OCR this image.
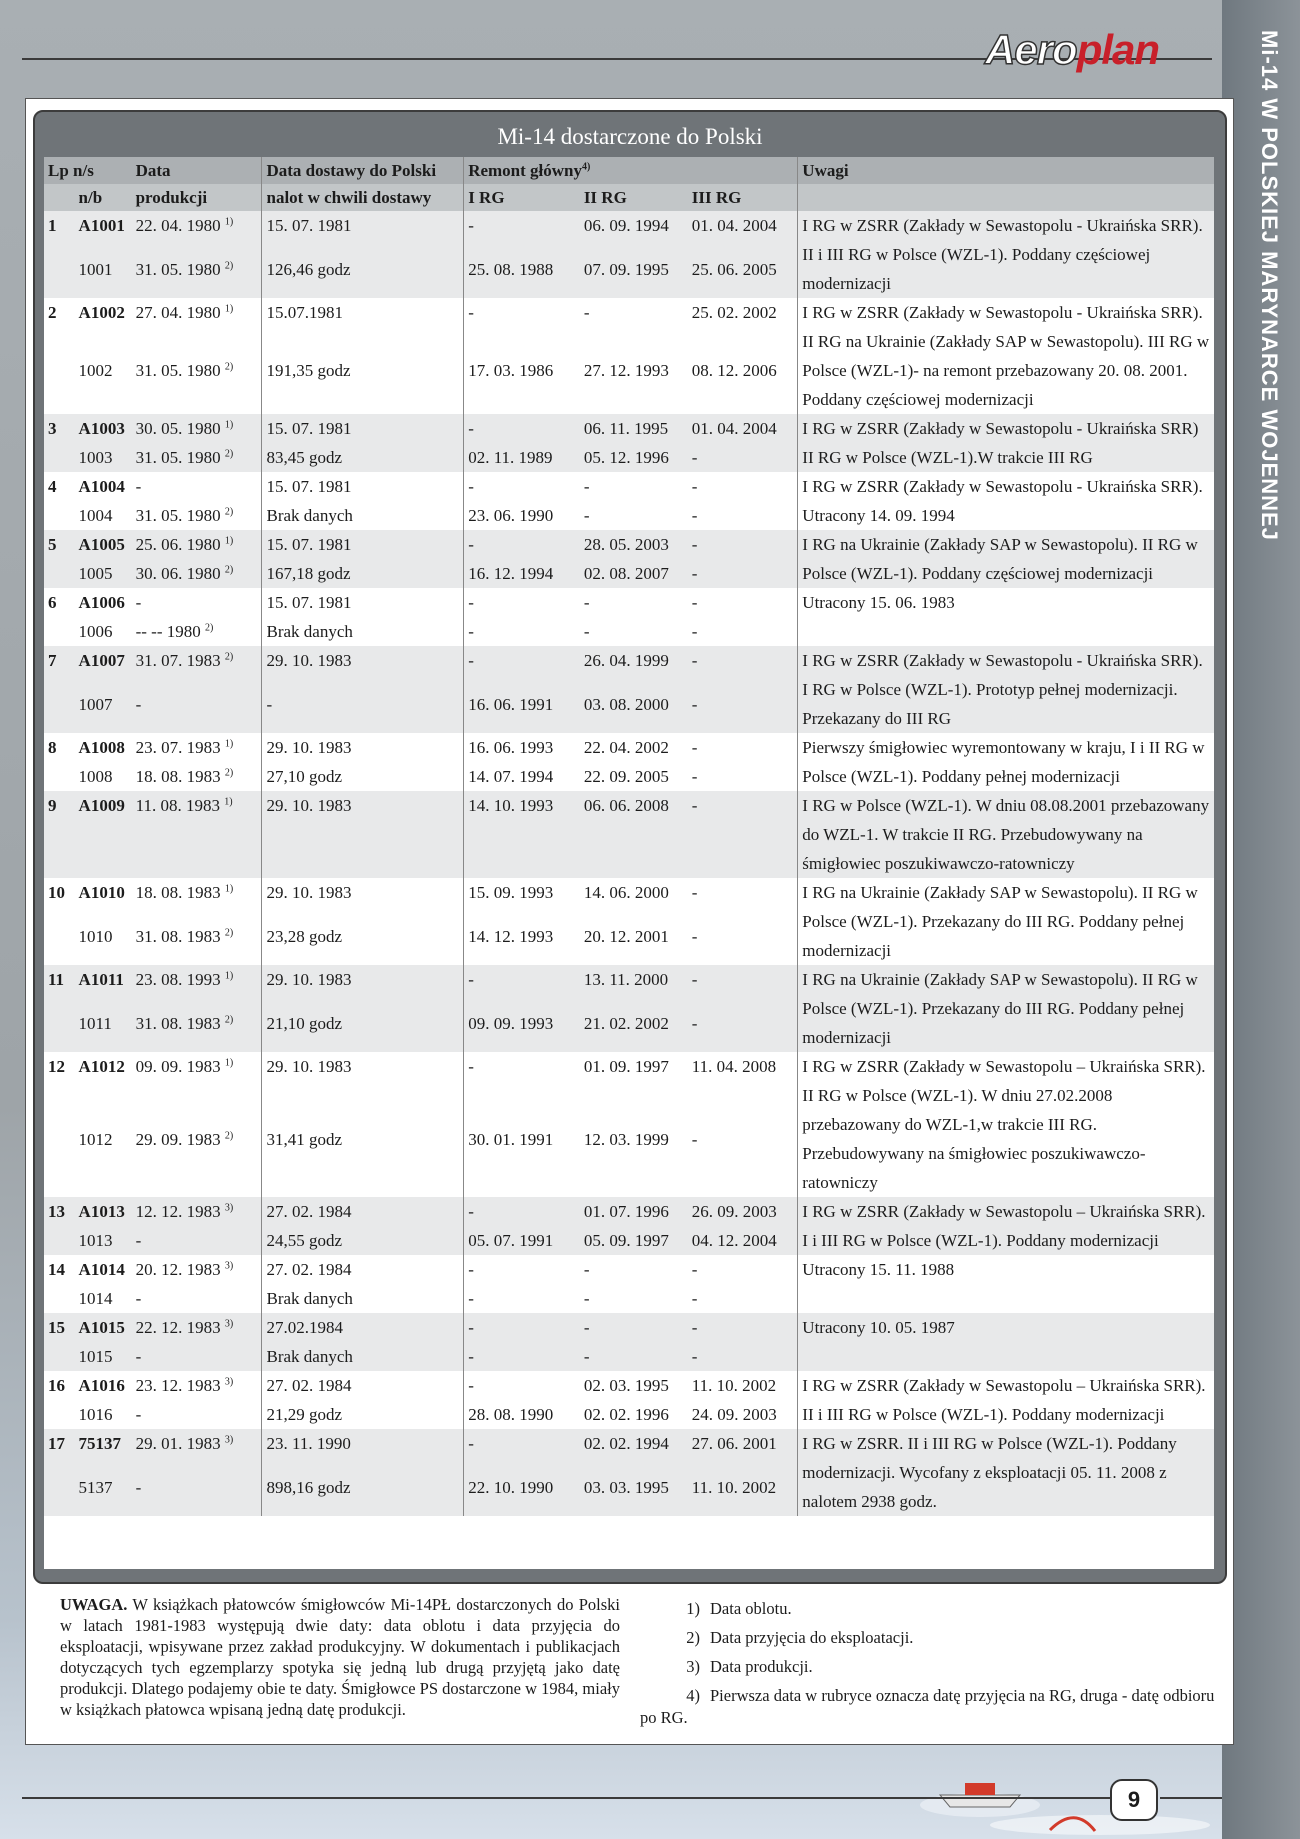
Aeroplan	Mi-14 W POLSKIEJ MARYNARCE WOJENNEJ
Mi-14 dostarczone do Polski
Lp n/s		Data	Data dostawy do Polski	Remont główny$^{4)}$			Uwagi
	n/b	produkcji	nalot w chwili dostawy	I RG	II RG	III RG	
1	A1001	22. 04. 1980 $^{1)}$	15. 07. 1981	-	06. 09. 1994	01. 04. 2004	I RG w ZSRR (Zakłady w Sewastopolu - Ukraińska SRR). II i III RG w Polsce (WZL-1). Poddany częściowej modernizacji
	1001	31. 05. 1980 $^{2)}$	126,46 godz	25. 08. 1988	07. 09. 1995	25. 06. 2005	
2	A1002	27. 04. 1980 $^{1)}$	15.07.1981	-	-	25. 02. 2002	I RG w ZSRR (Zakłady w Sewastopolu - Ukraińska SRR). II RG na Ukrainie (Zakłady SAP w Sewastopolu). III RG w Polsce (WZL-1)- na remont przebazowany 20. 08. 2001. Poddany częściowej modernizacji
	1002	31. 05. 1980 $^{2)}$	191,35 godz	17. 03. 1986	27. 12. 1993	08. 12. 2006	
3	A1003	30. 05. 1980 $^{1)}$	15. 07. 1981	-	06. 11. 1995	01. 04. 2004	I RG w ZSRR (Zakłady w Sewastopolu - Ukraińska SRR) II RG w Polsce (WZL-1).W trakcie III RG
	1003	31. 05. 1980 $^{2)}$	83,45 godz	02. 11. 1989	05. 12. 1996	-	
4	A1004	-	15. 07. 1981	-	-	-	I RG w ZSRR (Zakłady w Sewastopolu - Ukraińska SRR). Utracony 14. 09. 1994
	1004	31. 05. 1980 $^{2)}$	Brak danych	23. 06. 1990	-	-	
5	A1005	25. 06. 1980 $^{1)}$	15. 07. 1981	-	28. 05. 2003	-	I RG na Ukrainie (Zakłady SAP w Sewastopolu). II RG w Polsce (WZL-1). Poddany częściowej modernizacji
	1005	30. 06. 1980 $^{2)}$	167,18 godz	16. 12. 1994	02. 08. 2007	-	
6	A1006	-	15. 07. 1981	-	-	-	Utracony 15. 06. 1983
	1006	-- -- 1980 $^{2)}$	Brak danych	-	-	-	
7	A1007	31. 07. 1983 $^{2)}$	29. 10. 1983	-	26. 04. 1999	-	I RG w ZSRR (Zakłady w Sewastopolu - Ukraińska SRR). I RG w Polsce (WZL-1). Prototyp pełnej modernizacji. Przekazany do III RG
	1007	-	-	16. 06. 1991	03. 08. 2000	-	
8	A1008	23. 07. 1983 $^{1)}$	29. 10. 1983	16. 06. 1993	22. 04. 2002	-	Pierwszy śmigłowiec wyremontowany w kraju, I i II RG w Polsce (WZL-1). Poddany pełnej modernizacji
	1008	18. 08. 1983 $^{2)}$	27,10 godz	14. 07. 1994	22. 09. 2005	-	
9	A1009	11. 08. 1983 $^{1)}$	29. 10. 1983	14. 10. 1993	06. 06. 2008	-	I RG w Polsce (WZL-1). W dniu 08.08.2001 przebazowany do WZL-1. W trakcie II RG. Przebudowywany na śmigłowiec poszukiwawczo-ratowniczy

10	A1010	18. 08. 1983 $^{1)}$	29. 10. 1983	15. 09. 1993	14. 06. 2000	-	I RG na Ukrainie (Zakłady SAP w Sewastopolu). II RG w Polsce (WZL-1). Przekazany do III RG. Poddany pełnej modernizacji
	1010	31. 08. 1983 $^{2)}$	23,28 godz	14. 12. 1993	20. 12. 2001	-	
11	A1011	23. 08. 1993 $^{1)}$	29. 10. 1983	-	13. 11. 2000	-	I RG na Ukrainie (Zakłady SAP w Sewastopolu). II RG w Polsce (WZL-1). Przekazany do III RG. Poddany pełnej modernizacji
	1011	31. 08. 1983 $^{2)}$	21,10 godz	09. 09. 1993	21. 02. 2002	-	
12	A1012	09. 09. 1983 $^{1)}$	29. 10. 1983	-	01. 09. 1997	11. 04. 2008	I RG w ZSRR (Zakłady w Sewastopolu – Ukraińska SRR). II RG w Polsce (WZL-1). W dniu 27.02.2008 przebazowany do WZL-1,w trakcie III RG. Przebudowywany na śmigłowiec poszukiwawczo-ratowniczy
	1012	29. 09. 1983 $^{2)}$	31,41 godz	30. 01. 1991	12. 03. 1999	-	
13	A1013	12. 12. 1983 $^{3)}$	27. 02. 1984	-	01. 07. 1996	26. 09. 2003	I RG w ZSRR (Zakłady w Sewastopolu – Ukraińska SRR). I i III RG w Polsce (WZL-1). Poddany modernizacji
	1013	-	24,55 godz	05. 07. 1991	05. 09. 1997	04. 12. 2004	
14	A1014	20. 12. 1983 $^{3)}$	27. 02. 1984	-	-	-	Utracony 15. 11. 1988
	1014	-	Brak danych	-	-	-	
15	A1015	22. 12. 1983 $^{3)}$	27.02.1984	-	-	-	Utracony 10. 05. 1987
	1015	-	Brak danych	-	-	-	
16	A1016	23. 12. 1983 $^{3)}$	27. 02. 1984	-	02. 03. 1995	11. 10. 2002	I RG w ZSRR (Zakłady w Sewastopolu – Ukraińska SRR). II i III RG w Polsce (WZL-1). Poddany modernizacji
	1016	-	21,29 godz	28. 08. 1990	02. 02. 1996	24. 09. 2003	
17	75137	29. 01. 1983 $^{3)}$	23. 11. 1990	-	02. 02. 1994	27. 06. 2001	I RG w ZSRR. II i III RG w Polsce (WZL-1). Poddany modernizacji. Wycofany z eksploatacji 05. 11. 2008 z nalotem 2938 godz.
	5137	-	898,16 godz	22. 10. 1990	03. 03. 1995	11. 10. 2002	
UWAGA. W książkach płatowców śmigłowców Mi-14PŁ dostarczonych do Polski w latach 1981-1983 występują dwie daty: data oblotu i data przyjęcia do eksploatacji, wpisywane przez zakład produkcyjny. W dokumentach i publikacjach dotyczących tych egzemplarzy spotyka się jedną lub drugą przyjętą jako datę produkcji. Dlatego podajemy obie te daty. Śmigłowce PS dostarczone w 1984, miały w książkach płatowca wpisaną jedną datę produkcji.
1) Data oblotu.
2) Data przyjęcia do eksploatacji.
3) Data produkcji.
4) Pierwsza data w rubryce oznacza datę przyjęcia na RG, druga - datę odbioru po RG.
9
